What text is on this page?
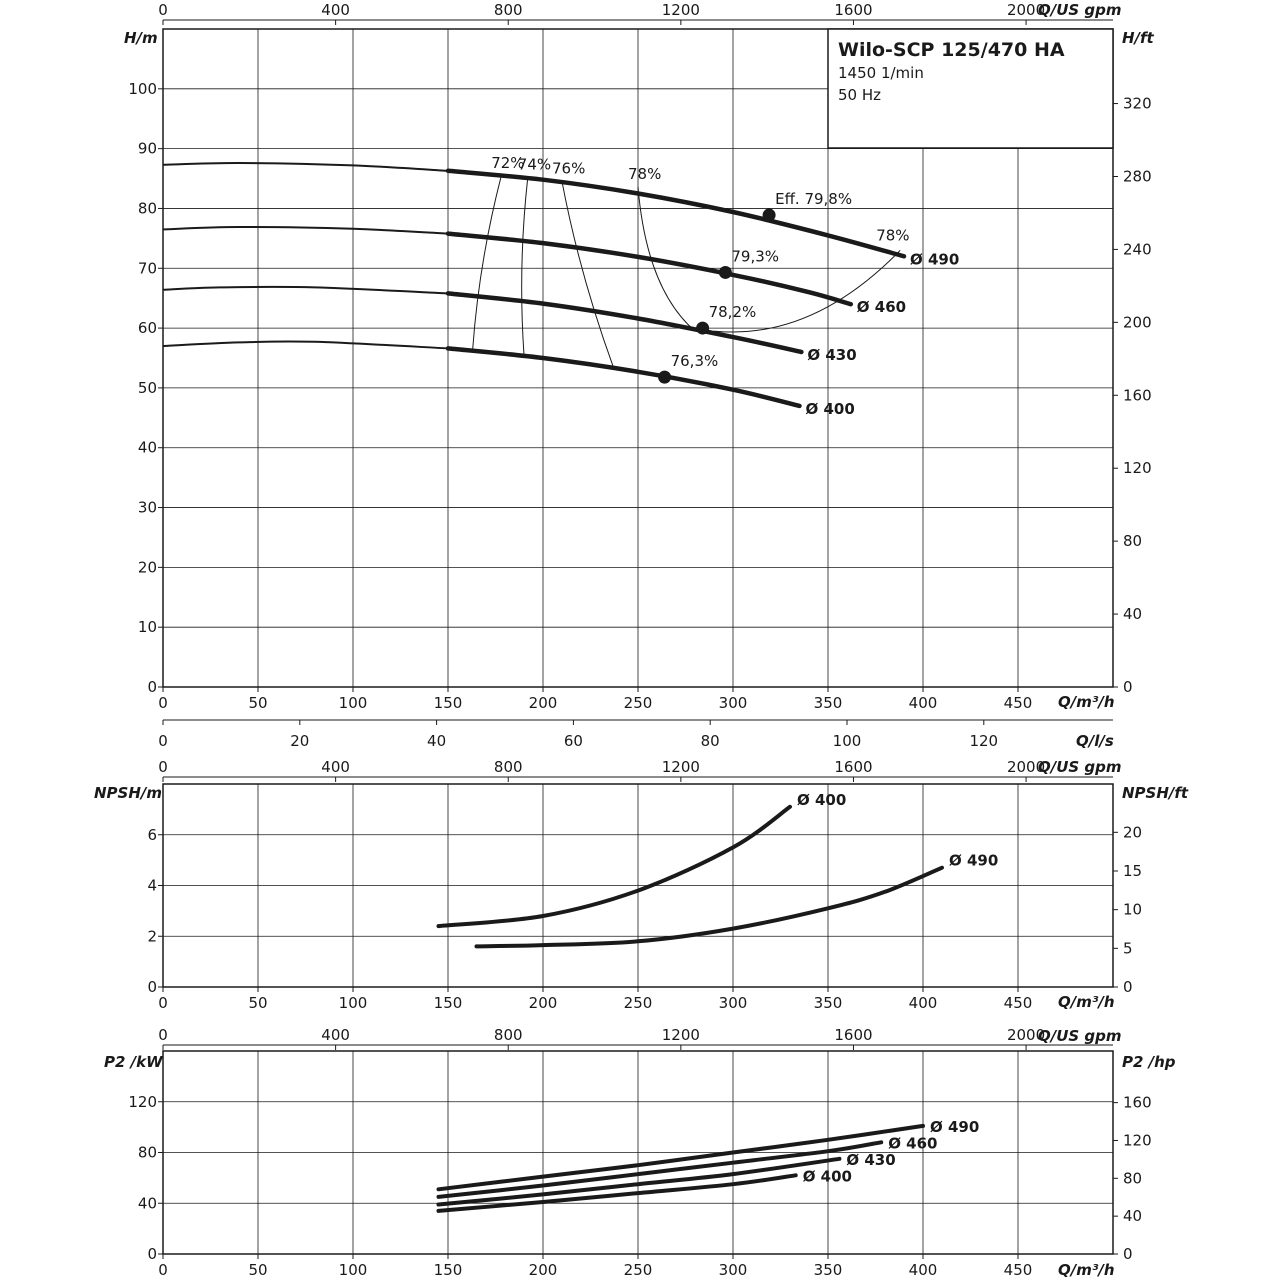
0
10
20
30
40
50
60
70
80
90
100
0	50	100	150	200	250	300	350	400	450
0	400	800	1200	1600	2000
0
40
80
120
160
200
240
280
320
0
2
4
6
0	50	100	150	200	250	300	350	400	450
0	400	800	1200	1600	2000
0
5
10
15
20
0
40
80
120
0	50	100	150	200	250	300	350	400	450
0	400	800	1200	1600	2000
0
40
80
120
160
0	20	40	60	80	100	120
Ø 490
Ø 460
Ø 430
Ø 400
72%
74% 76%	78%
78%
Eff. 79,8%
79,3%
78,2%
76,3%
Ø 400
Ø 490
Ø 490
Ø 460
Ø 430
Ø 400
Wilo-SCP 125/470 HA
1450 1/min
50 Hz
H/m	H/ft
Q/US gpm
Q/m³/h
Q/l/s
Q/US gpm
NPSH/m	NPSH/ft
Q/m³/h
Q/US gpm
P2 /kW	P2 /hp
Q/m³/h
